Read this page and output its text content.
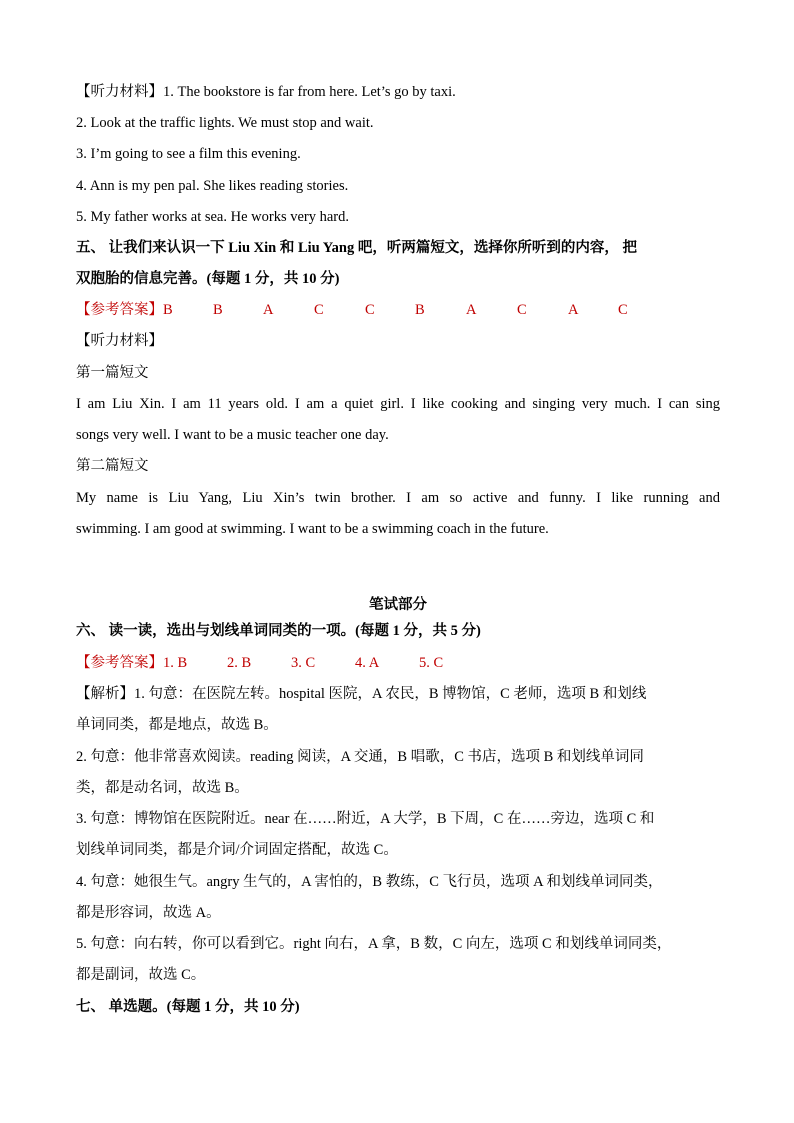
【听力材料】1. The bookstore is far from here. Let’s go by taxi.
2. Look at the traffic lights. We must stop and wait.
3. I’m going to see a film this evening.
4. Ann is my pen pal. She likes reading stories.
5. My father works at sea. He works very hard.
五、 让我们来认识一下 Liu Xin 和 Liu Yang 吧，听两篇短文，选择你所听到的内容， 把
双胞胎的信息完善。(每题 1 分，共 10 分)
【参考答案】B	B	A	C	C	B	A	C	A	C
【听力材料】
第一篇短文
I am Liu Xin. I am 11 years old. I am a quiet girl. I like cooking and singing very much. I can sing
songs very well. I want to be a music teacher one day.
第二篇短文
My name is Liu Yang, Liu Xin’s twin brother. I am so active and funny. I like running and
swimming. I am good at swimming. I want to be a swimming coach in the future.
笔试部分
六、 读一读，选出与划线单词同类的一项。(每题 1 分，共 5 分)
【参考答案】1. B	2. B	3. C	4. A	5. C
【解析】1. 句意：在医院左转。hospital 医院，A 农民，B 博物馆，C 老师，选项 B 和划线
单词同类，都是地点，故选 B。
2. 句意：他非常喜欢阅读。reading 阅读，A 交通，B 唱歌，C 书店，选项 B 和划线单词同
类，都是动名词，故选 B。
3. 句意：博物馆在医院附近。near 在……附近，A 大学，B 下周，C 在……旁边，选项 C 和
划线单词同类，都是介词/介词固定搭配，故选 C。
4. 句意：她很生气。angry 生气的，A 害怕的，B 教练，C 飞行员，选项 A 和划线单词同类，
都是形容词，故选 A。
5. 句意：向右转，你可以看到它。right 向右，A 拿，B 数，C 向左，选项 C 和划线单词同类，
都是副词，故选 C。
七、 单选题。(每题 1 分，共 10 分)
